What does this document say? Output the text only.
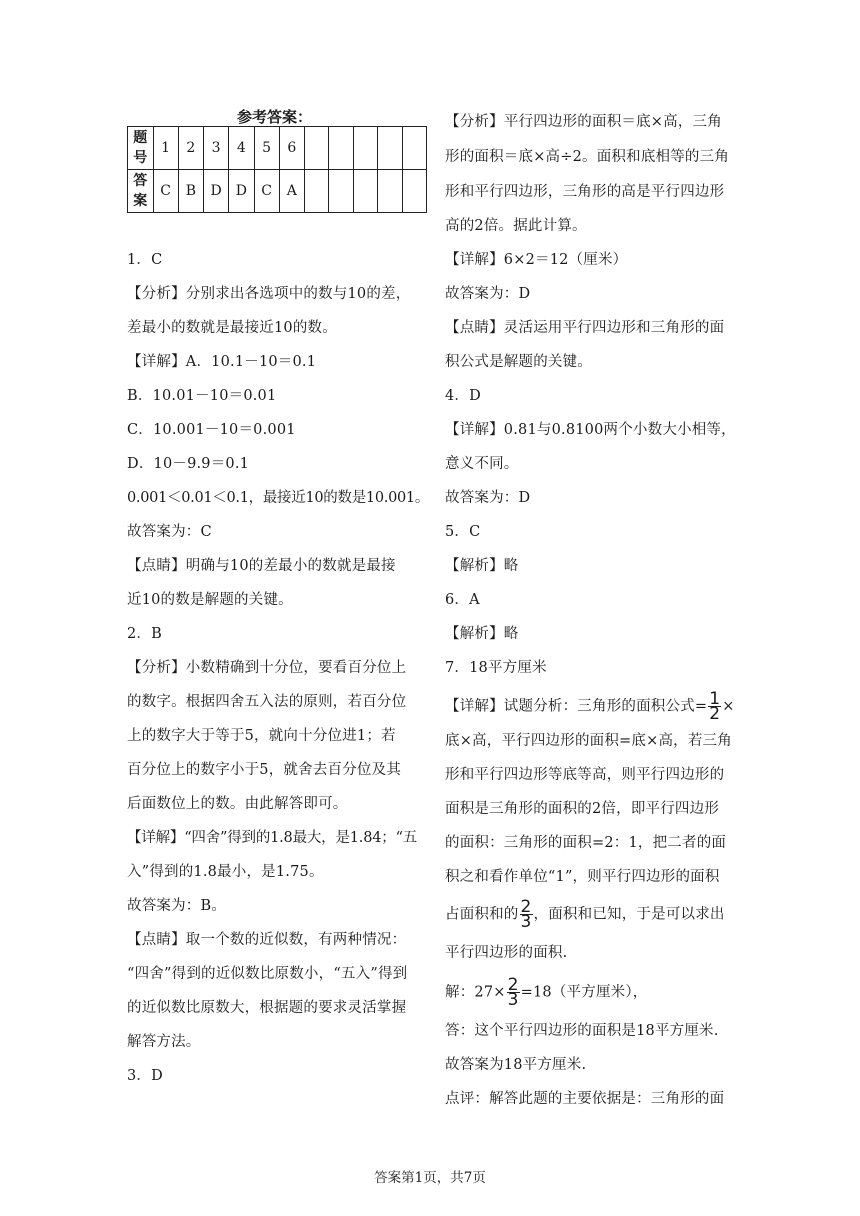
参考答案：
题
号	1	2	3	4	5	6					
答
案	C	B	D	D	C	A					
1．C
【分析】分别求出各选项中的数与10的差，
差最小的数就是最接近10的数。
【详解】A．10.1－10＝0.1
B．10.01－10＝0.01
C．10.001－10＝0.001
D．10－9.9＝0.1
0.001＜0.01＜0.1，最接近10的数是10.001。
故答案为：C
【点睛】明确与10的差最小的数就是最接
近10的数是解题的关键。
2．B
【分析】小数精确到十分位，要看百分位上
的数字。根据四舍五入法的原则，若百分位
上的数字大于等于5，就向十分位进1；若
百分位上的数字小于5，就舍去百分位及其
后面数位上的数。由此解答即可。
【详解】“四舍”得到的1.8最大，是1.84；“五
入”得到的1.8最小，是1.75。
故答案为：B。
【点睛】取一个数的近似数，有两种情况：
“四舍”得到的近似数比原数小，“五入”得到
的近似数比原数大，根据题的要求灵活掌握
解答方法。
3．D
【分析】平行四边形的面积＝底×高，三角
形的面积＝底×高÷2。面积和底相等的三角
形和平行四边形，三角形的高是平行四边形
高的2倍。据此计算。
【详解】6×2＝12（厘米）
故答案为：D
【点睛】灵活运用平行四边形和三角形的面
积公式是解题的关键。
4．D
【详解】0.81与0.8100两个小数大小相等，
意义不同。
故答案为：D
5．C
【解析】略
6．A
【解析】略
7．18平方厘米
【详解】试题分析：三角形的面积公式= $\frac{1}{2}$ ×
底×高，平行四边形的面积=底×高，若三角
形和平行四边形等底等高，则平行四边形的
面积是三角形的面积的2倍，即平行四边形
的面积：三角形的面积=2：1，把二者的面
积之和看作单位“1”，则平行四边形的面积
占面积和的 $\frac{2}{3}$ ，面积和已知，于是可以求出
平行四边形的面积.
解：$27\times \frac{2}{3} =18$（平方厘米），
答：这个平行四边形的面积是18平方厘米.
故答案为18平方厘米.
点评：解答此题的主要依据是：三角形的面
答案第1页，共7页
